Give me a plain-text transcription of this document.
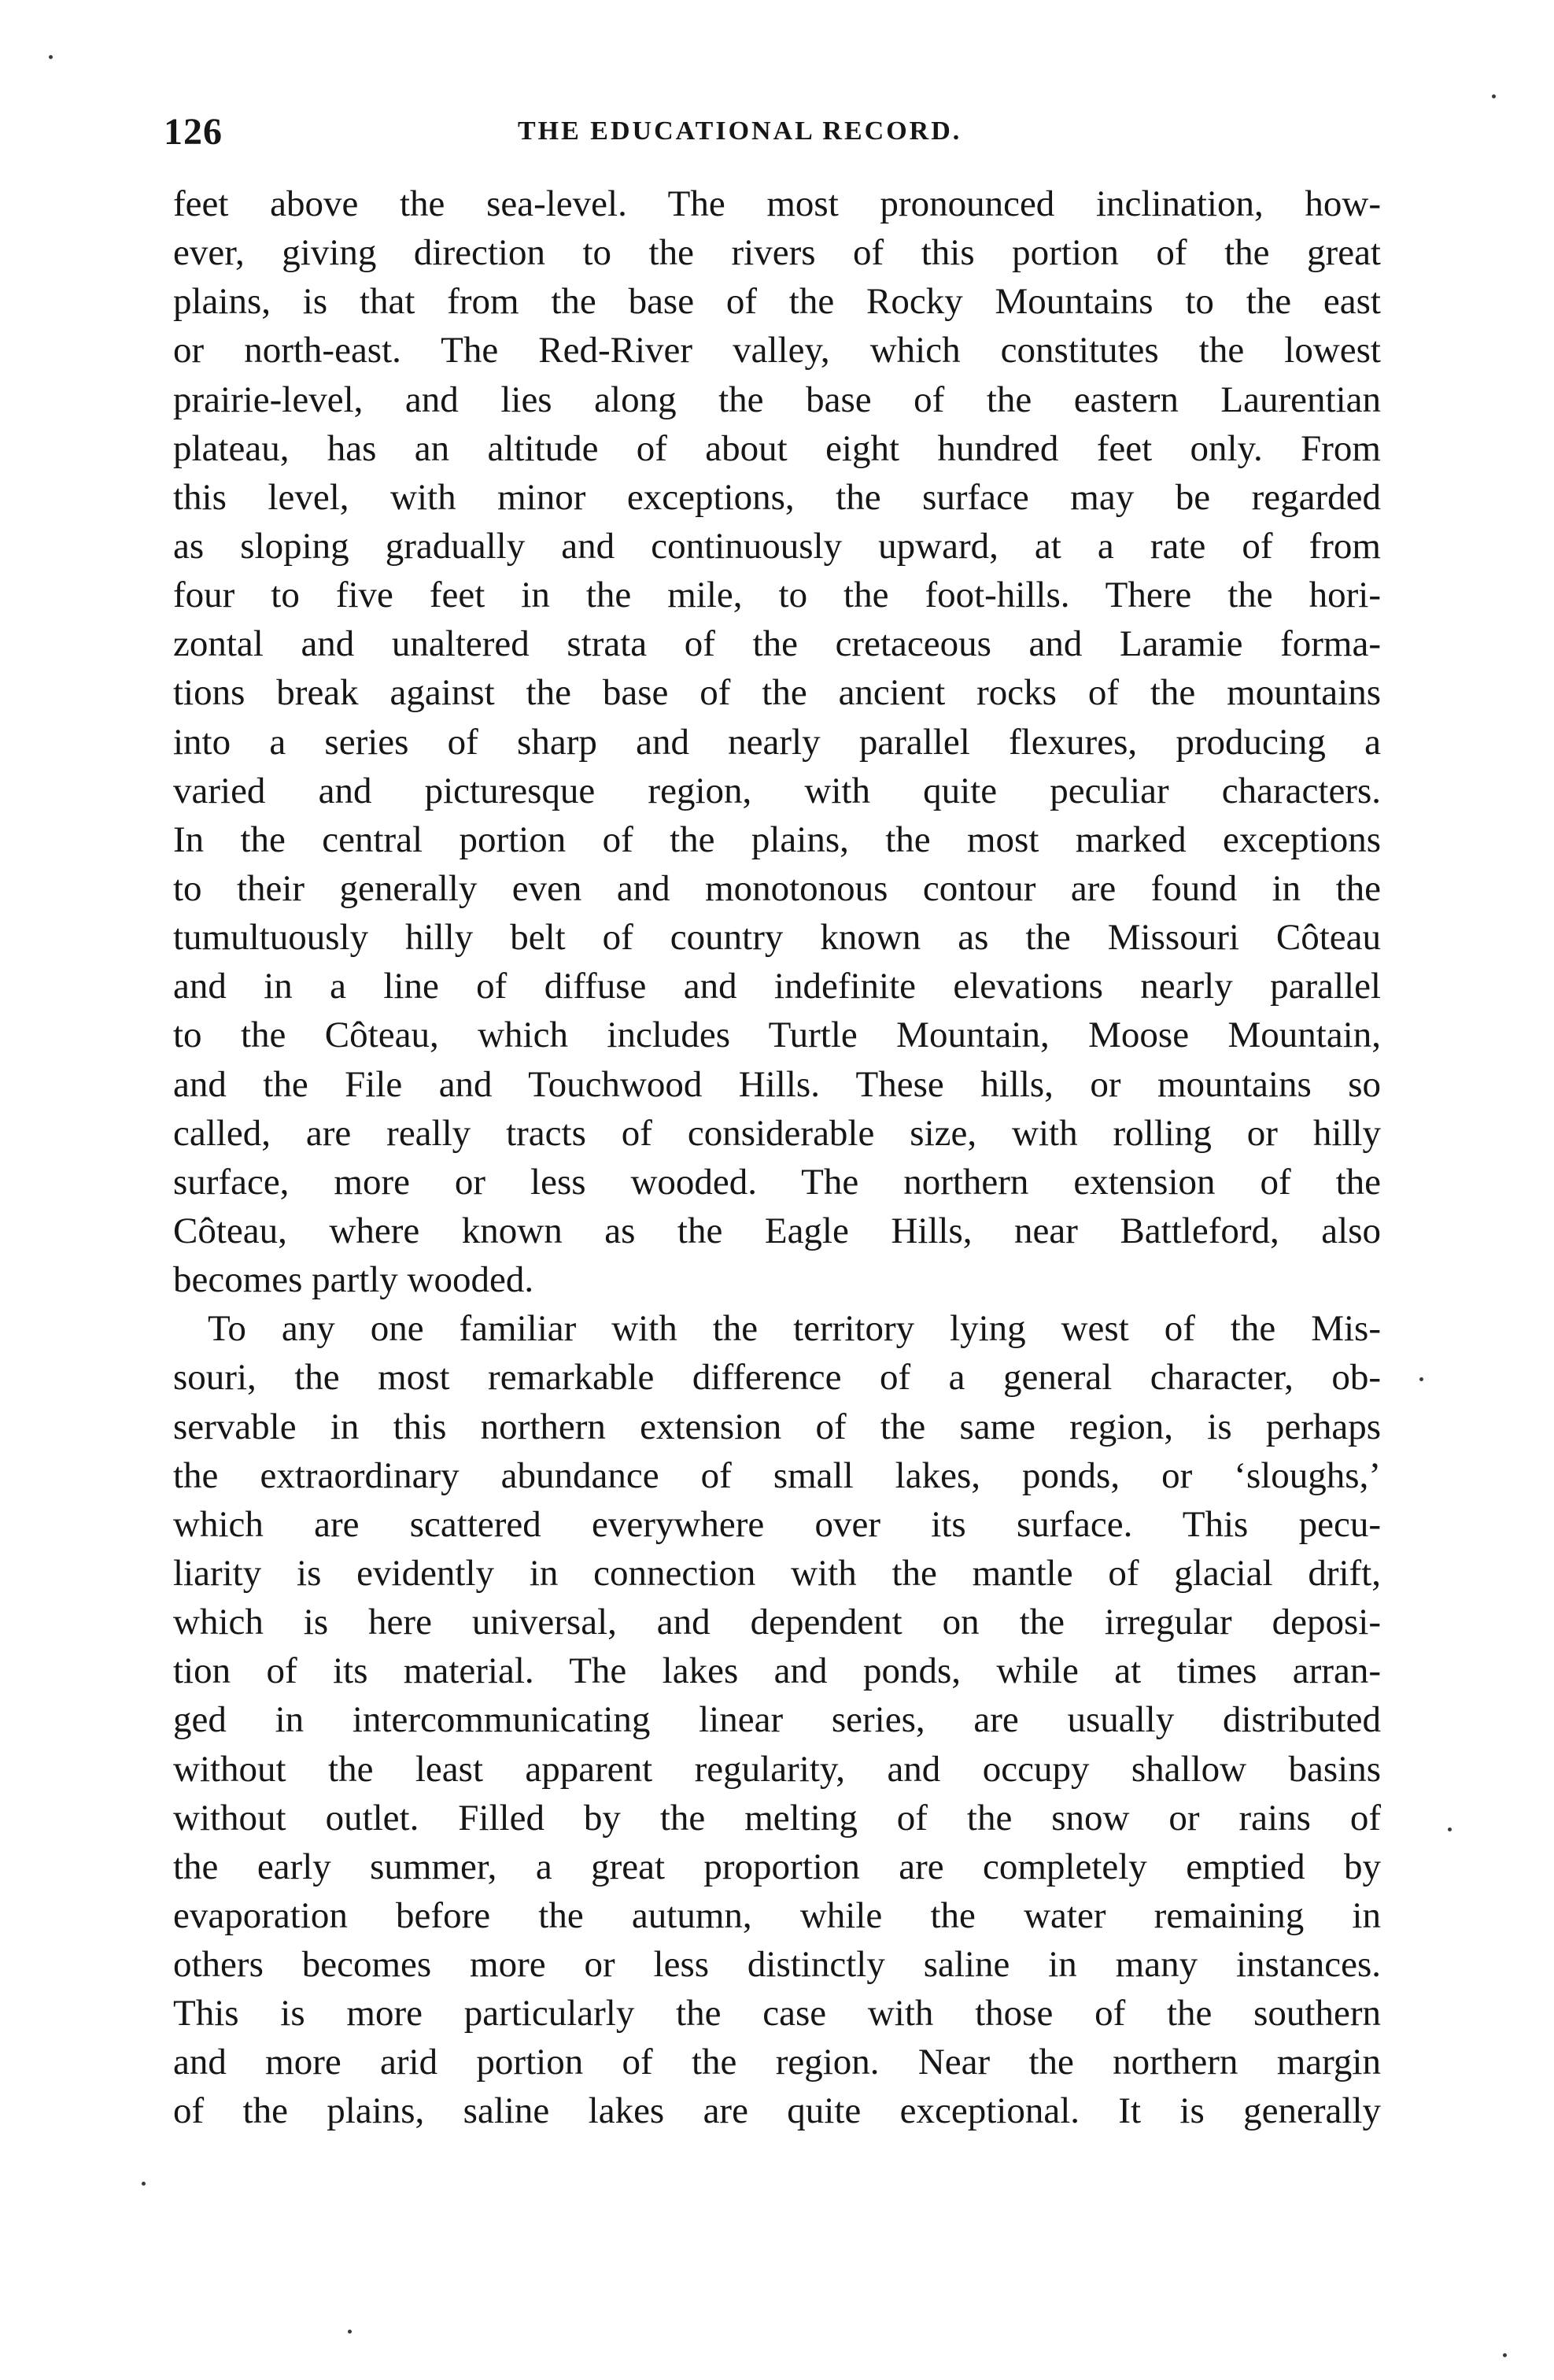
126	THE EDUCATIONAL RECORD.
feet above the sea-level. The most pronounced inclination, how-
ever, giving direction to the rivers of this portion of the great
plains, is that from the base of the Rocky Mountains to the east
or north-east. The Red-River valley, which constitutes the lowest
prairie-level, and lies along the base of the eastern Laurentian
plateau, has an altitude of about eight hundred feet only. From
this level, with minor exceptions, the surface may be regarded
as sloping gradually and continuously upward, at a rate of from
four to five feet in the mile, to the foot-hills. There the hori-
zontal and unaltered strata of the cretaceous and Laramie forma-
tions break against the base of the ancient rocks of the mountains
into a series of sharp and nearly parallel flexures, producing a
varied and picturesque region, with quite peculiar characters.
In the central portion of the plains, the most marked exceptions
to their generally even and monotonous contour are found in the
tumultuously hilly belt of country known as the Missouri Côteau
and in a line of diffuse and indefinite elevations nearly parallel
to the Côteau, which includes Turtle Mountain, Moose Mountain,
and the File and Touchwood Hills. These hills, or mountains so
called, are really tracts of considerable size, with rolling or hilly
surface, more or less wooded. The northern extension of the
Côteau, where known as the Eagle Hills, near Battleford, also
becomes partly wooded.
To any one familiar with the territory lying west of the Mis-
souri, the most remarkable difference of a general character, ob-
servable in this northern extension of the same region, is perhaps
the extraordinary abundance of small lakes, ponds, or ‘sloughs,’
which are scattered everywhere over its surface. This pecu-
liarity is evidently in connection with the mantle of glacial drift,
which is here universal, and dependent on the irregular deposi-
tion of its material. The lakes and ponds, while at times arran-
ged in intercommunicating linear series, are usually distributed
without the least apparent regularity, and occupy shallow basins
without outlet. Filled by the melting of the snow or rains of
the early summer, a great proportion are completely emptied by
evaporation before the autumn, while the water remaining in
others becomes more or less distinctly saline in many instances.
This is more particularly the case with those of the southern
and more arid portion of the region. Near the northern margin
of the plains, saline lakes are quite exceptional. It is generally
